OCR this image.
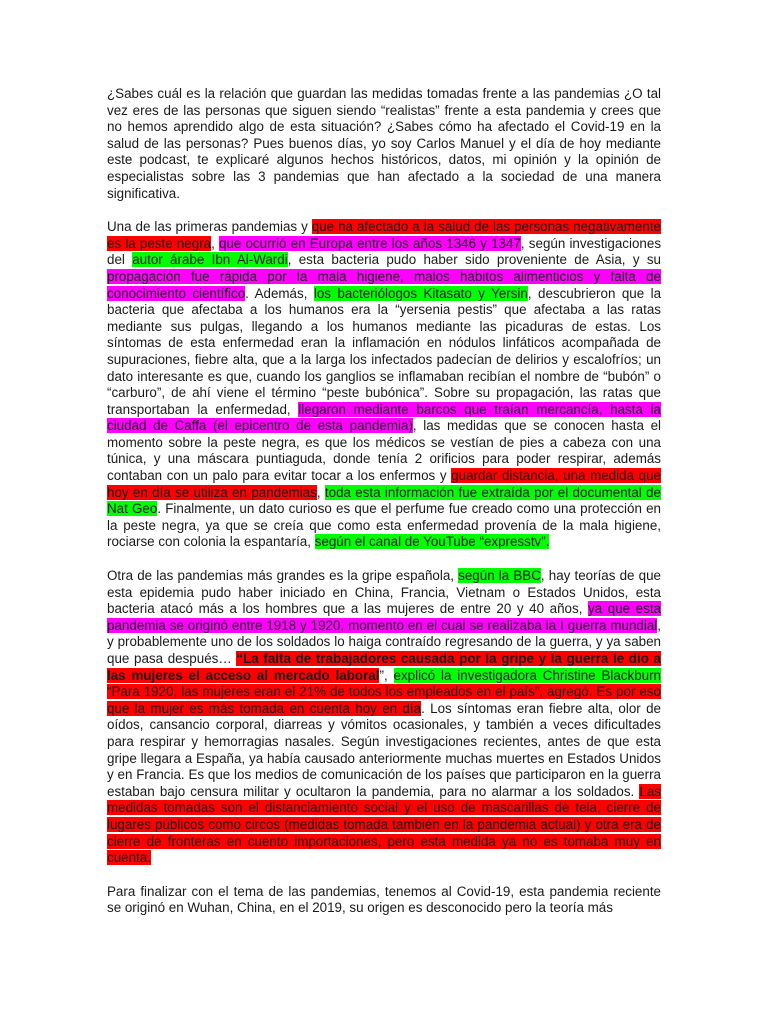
¿Sabes cuál es la relación que guardan las medidas tomadas frente a las pandemias ¿O tal vez eres de las personas que siguen siendo “realistas” frente a esta pandemia y crees que no hemos aprendido algo de esta situación? ¿Sabes cómo ha afectado el Covid-19 en la salud de las personas? Pues buenos días, yo soy Carlos Manuel y el día de hoy mediante este podcast, te explicaré algunos hechos históricos, datos, mi opinión y la opinión de especialistas sobre las 3 pandemias que han afectado a la sociedad de una manera significativa.

Una de las primeras pandemias y que ha afectado a la salud de las personas negativamente es la peste negra, que ocurrió en Europa entre los años 1346 y 1347, según investigaciones del autor árabe Ibn Al-Wardi, esta bacteria pudo haber sido proveniente de Asia, y su propagación fue rápida por la mala higiene, malos hábitos alimenticios y falta de conocimiento científico. Además, los bacteriólogos Kitasato y Yersin, descubrieron que la bacteria que afectaba a los humanos era la “yersenia pestis” que afectaba a las ratas mediante sus pulgas, llegando a los humanos mediante las picaduras de estas. Los síntomas de esta enfermedad eran la inflamación en nódulos linfáticos acompañada de supuraciones, fiebre alta, que a la larga los infectados padecían de delirios y escalofríos; un dato interesante es que, cuando los ganglios se inflamaban recibían el nombre de “bubón” o “carburo”, de ahí viene el término “peste bubónica”. Sobre su propagación, las ratas que transportaban la enfermedad, llegaron mediante barcos que traían mercancía, hasta la ciudad de Caffa (el epicentro de esta pandemia), las medidas que se conocen hasta el momento sobre la peste negra, es que los médicos se vestían de pies a cabeza con una túnica, y una máscara puntiaguda, donde tenía 2 orificios para poder respirar, además contaban con un palo para evitar tocar a los enfermos y guardar distancia, una medida que hoy en día se utiliza en pandemias, toda esta información fue extraída por el documental de Nat Geo. Finalmente, un dato curioso es que el perfume fue creado como una protección en la peste negra, ya que se creía que como esta enfermedad provenía de la mala higiene, rociarse con colonia la espantaría, según el canal de YouTube “expresstv”.

Otra de las pandemias más grandes es la gripe española, según la BBC, hay teorías de que esta epidemia pudo haber iniciado en China, Francia, Vietnam o Estados Unidos, esta bacteria atacó más a los hombres que a las mujeres de entre 20 y 40 años, ya que esta pandemia se originó entre 1918 y 1920, momento en el cual se realizaba la I guerra mundial, y probablemente uno de los soldados lo haiga contraído regresando de la guerra, y ya saben que pasa después… “La falta de trabajadores causada por la gripe y la guerra le dio a las mujeres el acceso al mercado laboral”, explicó la investigadora Christine Blackburn “Para 1920, las mujeres eran el 21% de todos los empleados en el país”, agregó. Es por eso que la mujer es más tomada en cuenta hoy en día. Los síntomas eran fiebre alta, olor de oídos, cansancio corporal, diarreas y vómitos ocasionales, y también a veces dificultades para respirar y hemorragias nasales. Según investigaciones recientes, antes de que esta gripe llegara a España, ya había causado anteriormente muchas muertes en Estados Unidos y en Francia. Es que los medios de comunicación de los países que participaron en la guerra estaban bajo censura militar y ocultaron la pandemia, para no alarmar a los soldados. Las medidas tomadas son el distanciamiento social y el uso de mascarillas de tela, cierre de lugares públicos como circos (medidas tomada también en la pandemia actual) y otra era de cierre de fronteras en cuento importaciones, pero esta medida ya no es tomaba muy en cuenta.

Para finalizar con el tema de las pandemias, tenemos al Covid-19, esta pandemia reciente se originó en Wuhan, China, en el 2019, su origen es desconocido pero la teoría más
